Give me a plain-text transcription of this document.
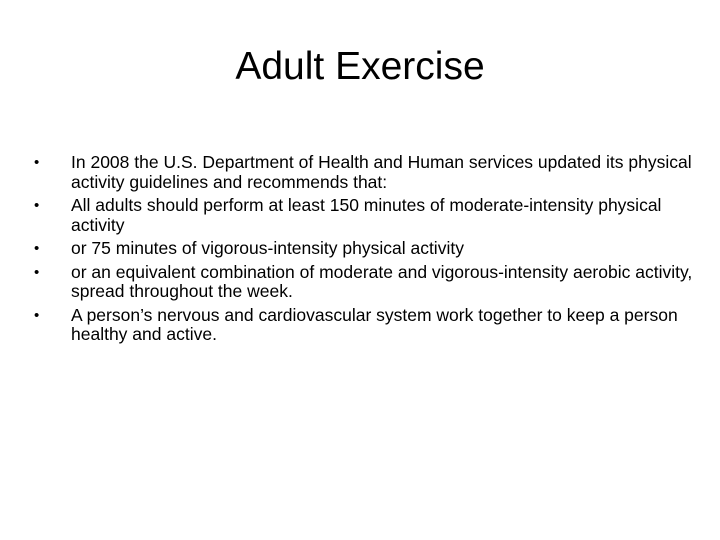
Adult Exercise
•	In 2008 the U.S. Department of Health and Human services updated its physical activity guidelines and recommends that:
•	All adults should perform at least 150 minutes of moderate-intensity physical activity
•	or 75 minutes of vigorous-intensity physical activity
•	or an equivalent combination of moderate and vigorous-intensity aerobic activity, spread throughout the week.
•	A person’s nervous and cardiovascular system work together to keep a person healthy and active.
